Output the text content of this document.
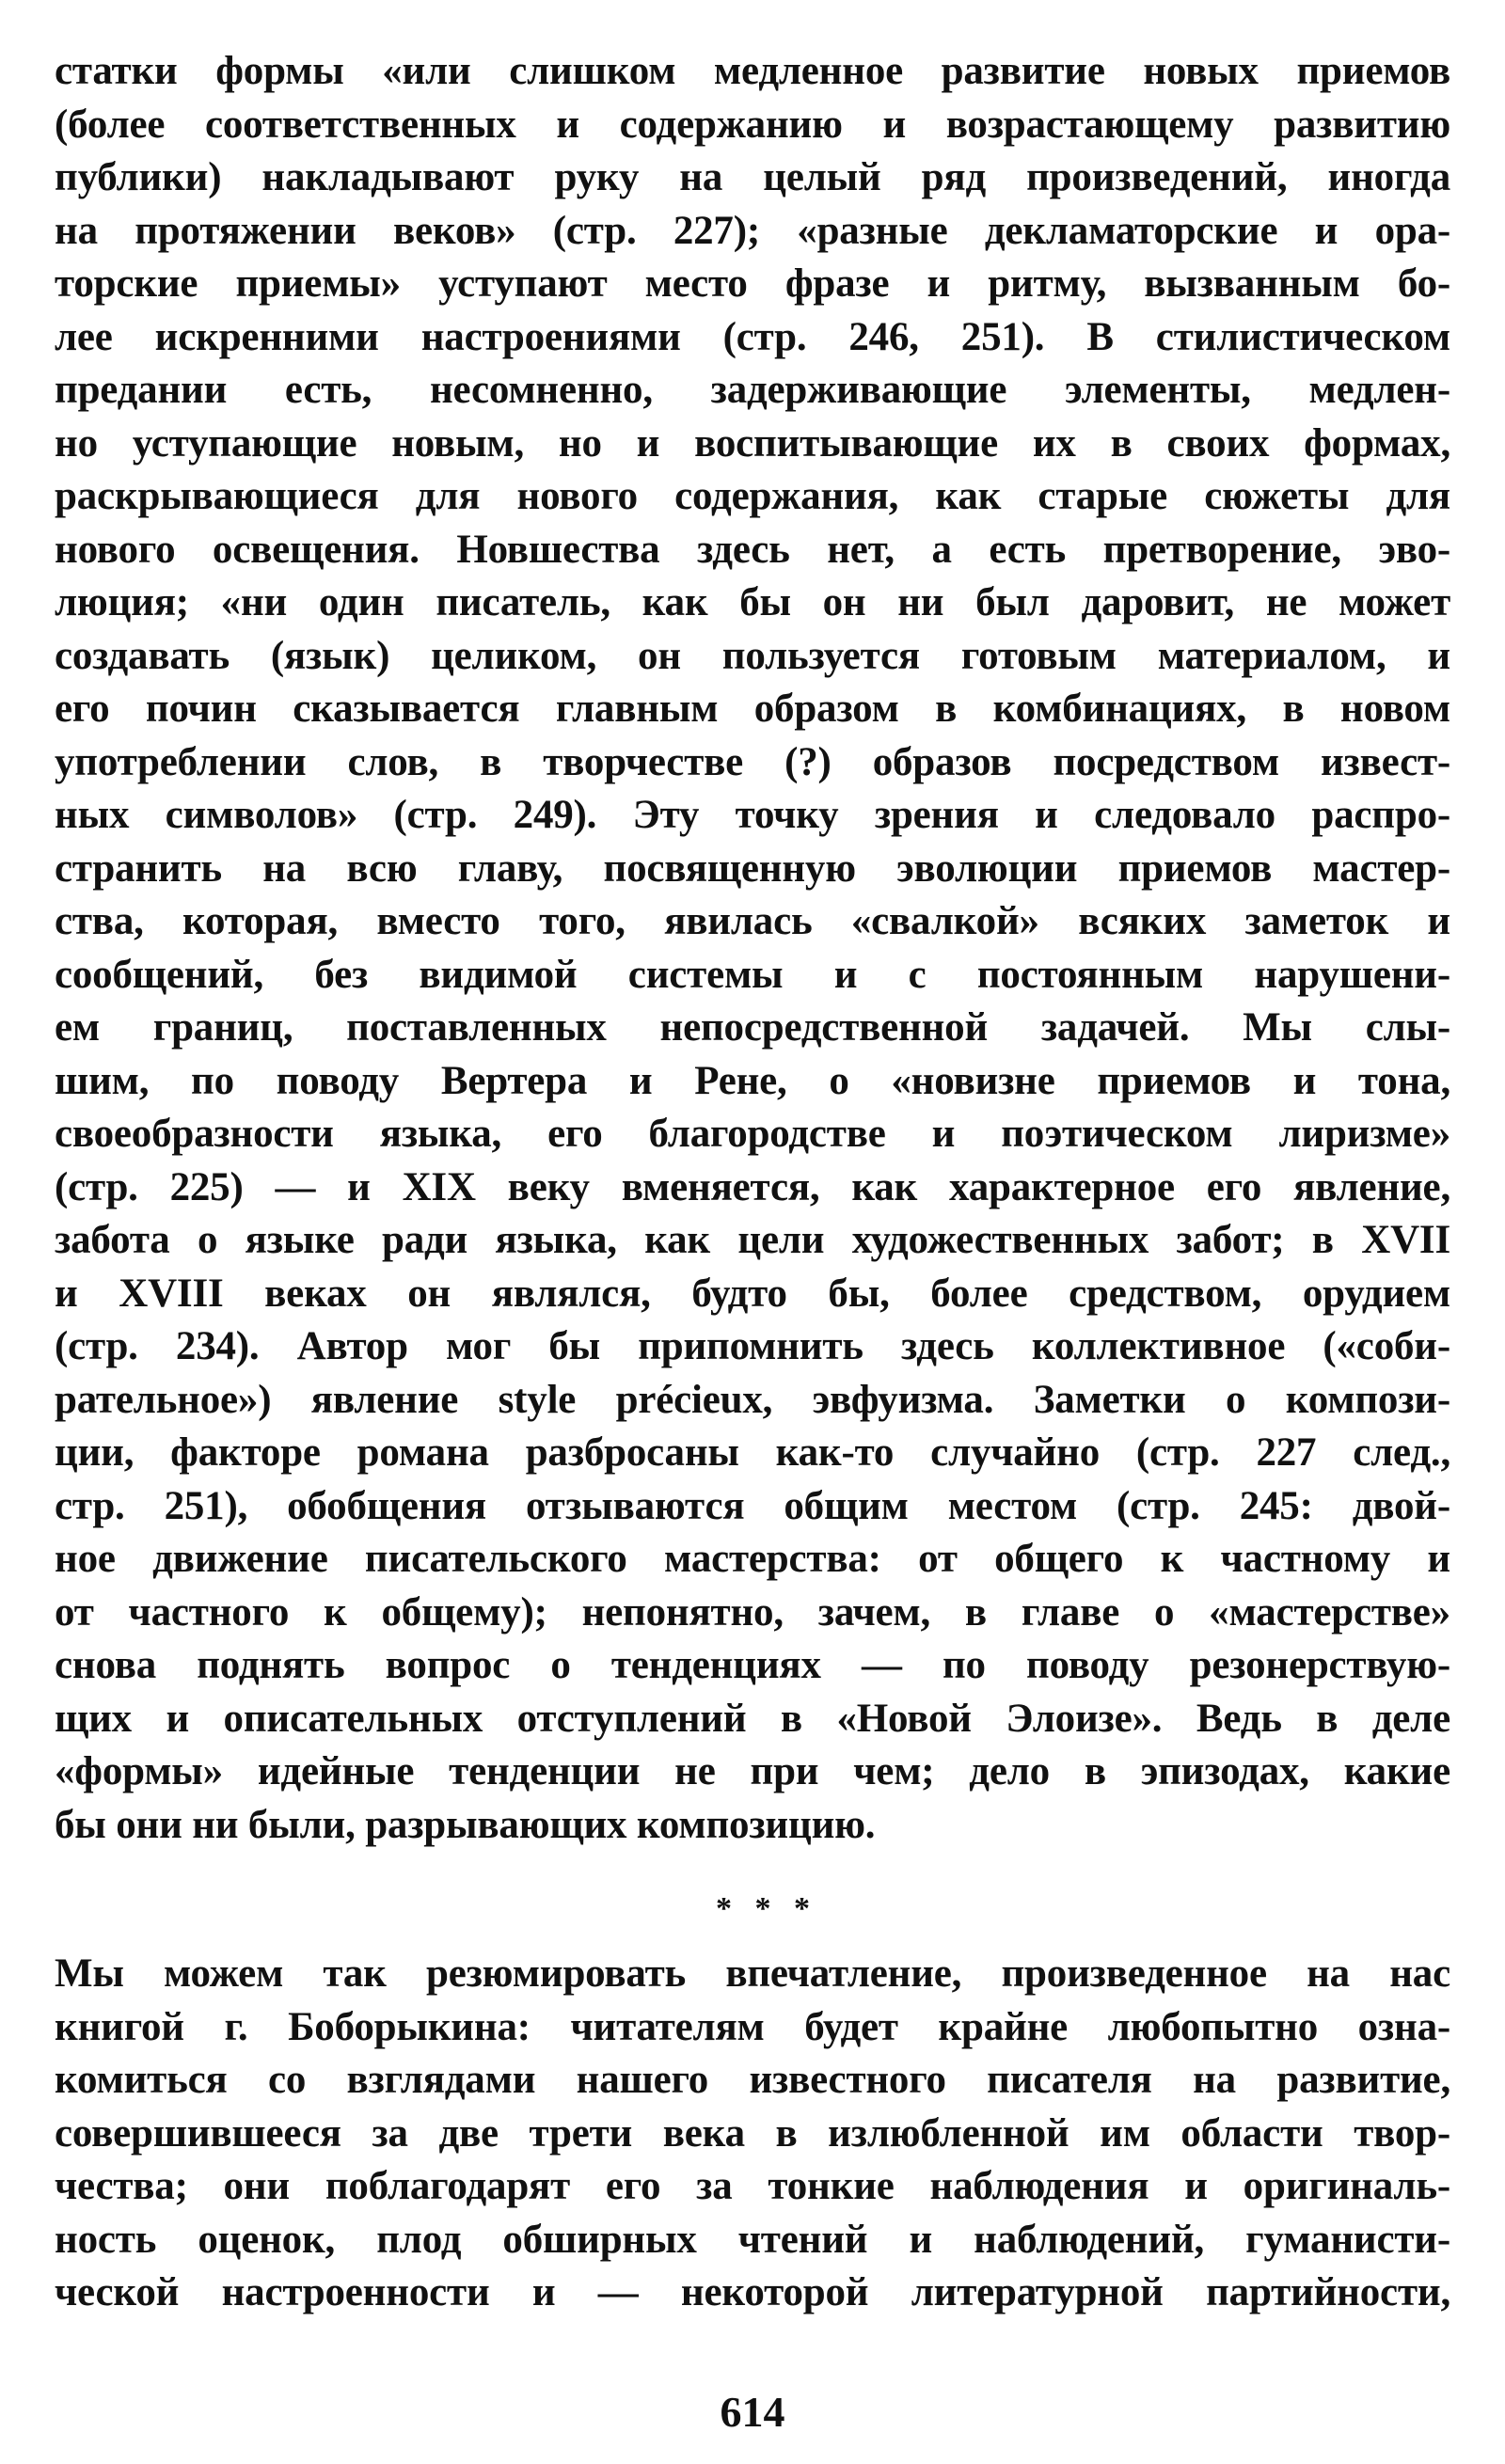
статки формы «или слишком медленное развитие новых приемов
(более соответственных и содержанию и возрастающему развитию
публики) накладывают руку на целый ряд произведений, иногда
на протяжении веков» (стр. 227); «разные декламаторские и ора-
торские приемы» уступают место фразе и ритму, вызванным бо-
лее искренними настроениями (стр. 246, 251). В стилистическом
предании есть, несомненно, задерживающие элементы, медлен-
но уступающие новым, но и воспитывающие их в своих формах,
раскрывающиеся для нового содержания, как старые сюжеты для
нового освещения. Новшества здесь нет, а есть претворение, эво-
люция; «ни один писатель, как бы он ни был даровит, не может
создавать (язык) целиком, он пользуется готовым материалом, и
его почин сказывается главным образом в комбинациях, в новом
употреблении слов, в творчестве (?) образов посредством извест-
ных символов» (стр. 249). Эту точку зрения и следовало распро-
странить на всю главу, посвященную эволюции приемов мастер-
ства, которая, вместо того, явилась «свалкой» всяких заметок и
сообщений, без видимой системы и с постоянным нарушени-
ем границ, поставленных непосредственной задачей. Мы слы-
шим, по поводу Вертера и Рене, о «новизне приемов и тона,
своеобразности языка, его благородстве и поэтическом лиризме»
(стр. 225) — и XIX веку вменяется, как характерное его явление,
забота о языке ради языка, как цели художественных забот; в XVII
и XVIII веках он являлся, будто бы, более средством, орудием
(стр. 234). Автор мог бы припомнить здесь коллективное («соби-
рательное») явление style précieux, эвфуизма. Заметки о компози-
ции, факторе романа разбросаны как-то случайно (стр. 227 след.,
стр. 251), обобщения отзываются общим местом (стр. 245: двой-
ное движение писательского мастерства: от общего к частному и
от частного к общему); непонятно, зачем, в главе о «мастерстве»
снова поднять вопрос о тенденциях — по поводу резонерствую-
щих и описательных отступлений в «Новой Элоизе». Ведь в деле
«формы» идейные тенденции не при чем; дело в эпизодах, какие
бы они ни были, разрывающих композицию.
* * *
Мы можем так резюмировать впечатление, произведенное на нас
книгой г. Боборыкина: читателям будет крайне любопытно озна-
комиться со взглядами нашего известного писателя на развитие,
совершившееся за две трети века в излюбленной им области твор-
чества; они поблагодарят его за тонкие наблюдения и оригиналь-
ность оценок, плод обширных чтений и наблюдений, гуманисти-
ческой настроенности и — некоторой литературной партийности,
614
